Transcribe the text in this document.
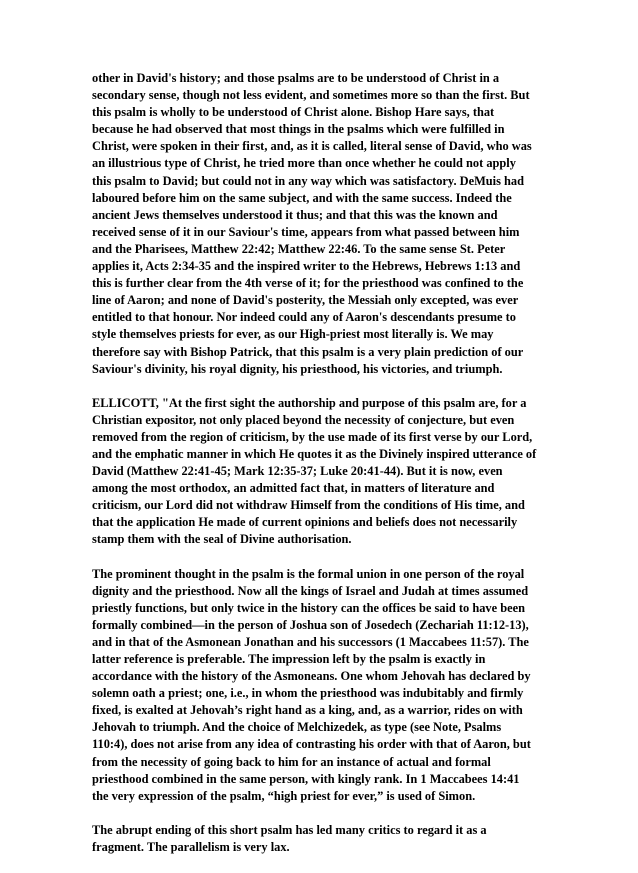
other in David's history; and those psalms are to be understood of Christ in a
secondary sense, though not less evident, and sometimes more so than the first. But
this psalm is wholly to be understood of Christ alone. Bishop Hare says, that
because he had observed that most things in the psalms which were fulfilled in
Christ, were spoken in their first, and, as it is called, literal sense of David, who was
an illustrious type of Christ, he tried more than once whether he could not apply
this psalm to David; but could not in any way which was satisfactory. DeMuis had
laboured before him on the same subject, and with the same success. Indeed the
ancient Jews themselves understood it thus; and that this was the known and
received sense of it in our Saviour's time, appears from what passed between him
and the Pharisees, Matthew 22:42; Matthew 22:46. To the same sense St. Peter
applies it, Acts 2:34-35 and the inspired writer to the Hebrews, Hebrews 1:13 and
this is further clear from the 4th verse of it; for the priesthood was confined to the
line of Aaron; and none of David's posterity, the Messiah only excepted, was ever
entitled to that honour. Nor indeed could any of Aaron's descendants presume to
style themselves priests for ever, as our High-priest most literally is. We may
therefore say with Bishop Patrick, that this psalm is a very plain prediction of our
Saviour's divinity, his royal dignity, his priesthood, his victories, and triumph.

ELLICOTT, "At the first sight the authorship and purpose of this psalm are, for a
Christian expositor, not only placed beyond the necessity of conjecture, but even
removed from the region of criticism, by the use made of its first verse by our Lord,
and the emphatic manner in which He quotes it as the Divinely inspired utterance of
David (Matthew 22:41-45; Mark 12:35-37; Luke 20:41-44). But it is now, even
among the most orthodox, an admitted fact that, in matters of literature and
criticism, our Lord did not withdraw Himself from the conditions of His time, and
that the application He made of current opinions and beliefs does not necessarily
stamp them with the seal of Divine authorisation.

The prominent thought in the psalm is the formal union in one person of the royal
dignity and the priesthood. Now all the kings of Israel and Judah at times assumed
priestly functions, but only twice in the history can the offices be said to have been
formally combined—in the person of Joshua son of Josedech (Zechariah 11:12-13),
and in that of the Asmonean Jonathan and his successors (1 Maccabees 11:57). The
latter reference is preferable. The impression left by the psalm is exactly in
accordance with the history of the Asmoneans. One whom Jehovah has declared by
solemn oath a priest; one, i.e., in whom the priesthood was indubitably and firmly
fixed, is exalted at Jehovah’s right hand as a king, and, as a warrior, rides on with
Jehovah to triumph. And the choice of Melchizedek, as type (see Note, Psalms
110:4), does not arise from any idea of contrasting his order with that of Aaron, but
from the necessity of going back to him for an instance of actual and formal
priesthood combined in the same person, with kingly rank. In 1 Maccabees 14:41
the very expression of the psalm, “high priest for ever,” is used of Simon.

The abrupt ending of this short psalm has led many critics to regard it as a
fragment. The parallelism is very lax.
